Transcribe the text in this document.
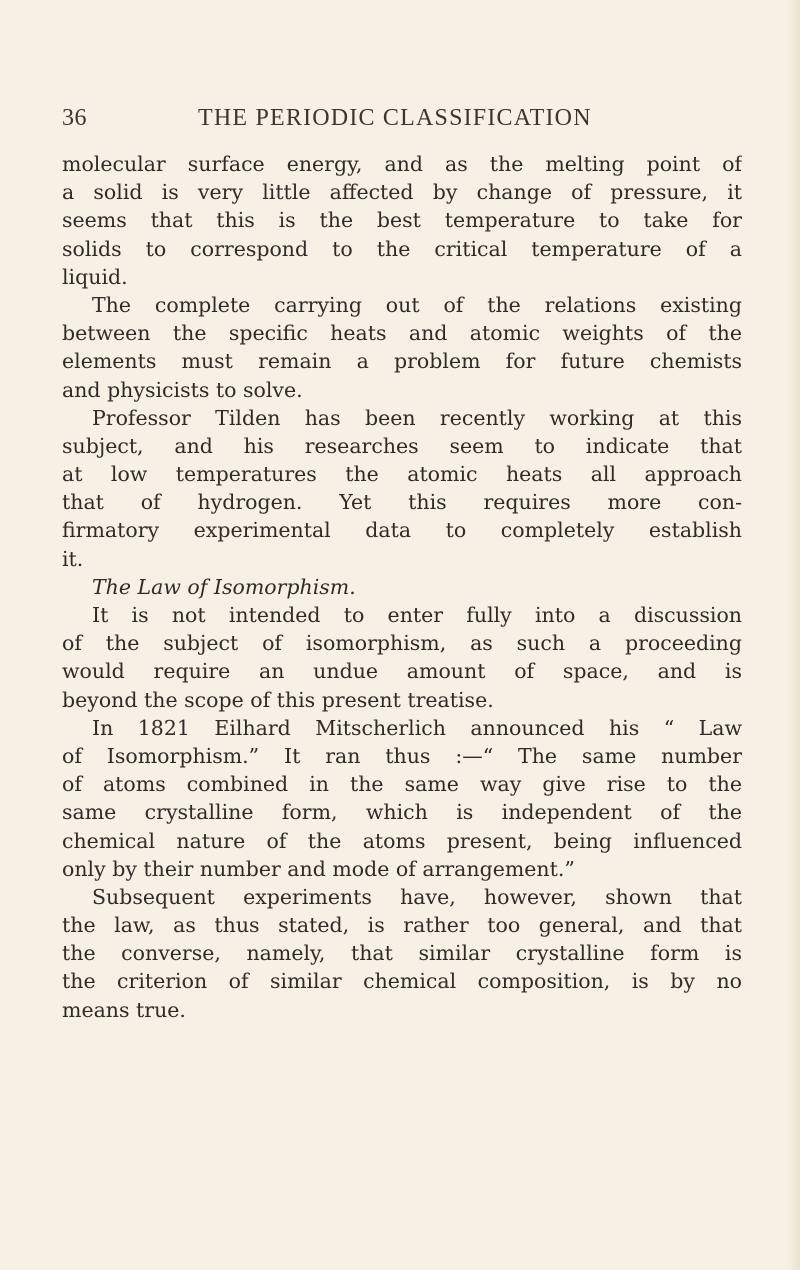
36	THE PERIODIC CLASSIFICATION
molecular surface energy, and as the melting point of
a solid is very little affected by change of pressure, it
seems that this is the best temperature to take for
solids to correspond to the critical temperature of a
liquid.
The complete carrying out of the relations existing
between the specific heats and atomic weights of the
elements must remain a problem for future chemists
and physicists to solve.
Professor Tilden has been recently working at this
subject, and his researches seem to indicate that
at low temperatures the atomic heats all approach
that of hydrogen. Yet this requires more con-
firmatory experimental data to completely establish
it.
The Law of Isomorphism.
It is not intended to enter fully into a discussion
of the subject of isomorphism, as such a proceeding
would require an undue amount of space, and is
beyond the scope of this present treatise.
In 1821 Eilhard Mitscherlich announced his “ Law
of Isomorphism.” It ran thus :—“ The same number
of atoms combined in the same way give rise to the
same crystalline form, which is independent of the
chemical nature of the atoms present, being influenced
only by their number and mode of arrangement.”
Subsequent experiments have, however, shown that
the law, as thus stated, is rather too general, and that
the converse, namely, that similar crystalline form is
the criterion of similar chemical composition, is by no
means true.
